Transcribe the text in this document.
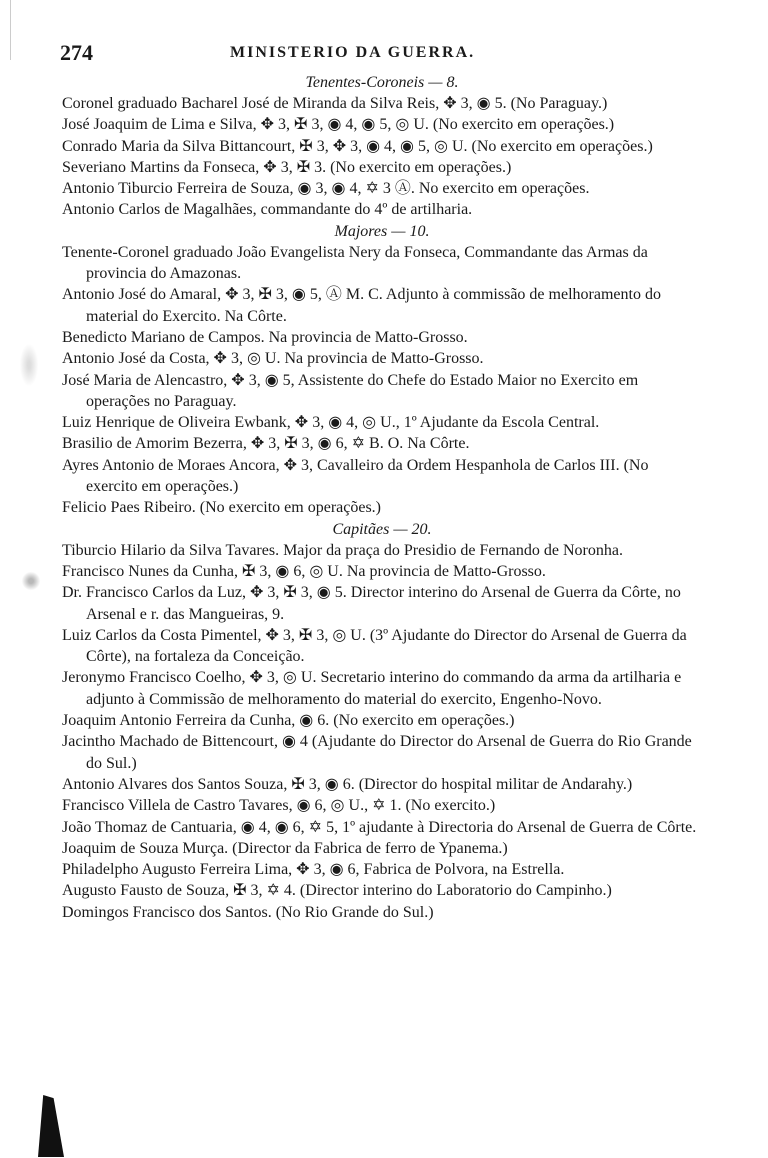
274	MINISTERIO DA GUERRA.
Tenentes-Coroneis — 8.
Coronel graduado Bacharel José de Miranda da Silva Reis, ✥ 3, ◉ 5. (No Paraguay.)
José Joaquim de Lima e Silva, ✥ 3, ✠ 3, ◉ 4, ◉ 5, ◎ U. (No exercito em operações.)
Conrado Maria da Silva Bittancourt, ✠ 3, ✥ 3, ◉ 4, ◉ 5, ◎ U. (No exercito em operações.)
Severiano Martins da Fonseca, ✥ 3, ✠ 3. (No exercito em operações.)
Antonio Tiburcio Ferreira de Souza, ◉ 3, ◉ 4, ✡ 3 Ⓐ. No exercito em operações.
Antonio Carlos de Magalhães, commandante do 4º de artilharia.
Majores — 10.
Tenente-Coronel graduado João Evangelista Nery da Fonseca, Commandante das Armas da provincia do Amazonas.
Antonio José do Amaral, ✥ 3, ✠ 3, ◉ 5, Ⓐ M. C. Adjunto à commissão de melhoramento do material do Exercito. Na Côrte.
Benedicto Mariano de Campos. Na provincia de Matto-Grosso.
Antonio José da Costa, ✥ 3, ◎ U. Na provincia de Matto-Grosso.
José Maria de Alencastro, ✥ 3, ◉ 5, Assistente do Chefe do Estado Maior no Exercito em operações no Paraguay.
Luiz Henrique de Oliveira Ewbank, ✥ 3, ◉ 4, ◎ U., 1º Ajudante da Escola Central.
Brasilio de Amorim Bezerra, ✥ 3, ✠ 3, ◉ 6, ✡ B. O. Na Côrte.
Ayres Antonio de Moraes Ancora, ✥ 3, Cavalleiro da Ordem Hespanhola de Carlos III. (No exercito em operações.)
Felicio Paes Ribeiro. (No exercito em operações.)
Capitães — 20.
Tiburcio Hilario da Silva Tavares. Major da praça do Presidio de Fernando de Noronha.
Francisco Nunes da Cunha, ✠ 3, ◉ 6, ◎ U. Na provincia de Matto-Grosso.
Dr. Francisco Carlos da Luz, ✥ 3, ✠ 3, ◉ 5. Director interino do Arsenal de Guerra da Côrte, no Arsenal e r. das Mangueiras, 9.
Luiz Carlos da Costa Pimentel, ✥ 3, ✠ 3, ◎ U. (3º Ajudante do Director do Arsenal de Guerra da Côrte), na fortaleza da Conceição.
Jeronymo Francisco Coelho, ✥ 3, ◎ U. Secretario interino do commando da arma da artilharia e adjunto à Commissão de melhoramento do material do exercito, Engenho-Novo.
Joaquim Antonio Ferreira da Cunha, ◉ 6. (No exercito em operações.)
Jacintho Machado de Bittencourt, ◉ 4 (Ajudante do Director do Arsenal de Guerra do Rio Grande do Sul.)
Antonio Alvares dos Santos Souza, ✠ 3, ◉ 6. (Director do hospital militar de Andarahy.)
Francisco Villela de Castro Tavares, ◉ 6, ◎ U., ✡ 1. (No exercito.)
João Thomaz de Cantuaria, ◉ 4, ◉ 6, ✡ 5, 1º ajudante à Directoria do Arsenal de Guerra de Côrte.
Joaquim de Souza Murça. (Director da Fabrica de ferro de Ypanema.)
Philadelpho Augusto Ferreira Lima, ✥ 3, ◉ 6, Fabrica de Polvora, na Estrella.
Augusto Fausto de Souza, ✠ 3, ✡ 4. (Director interino do Laboratorio do Campinho.)
Domingos Francisco dos Santos. (No Rio Grande do Sul.)
